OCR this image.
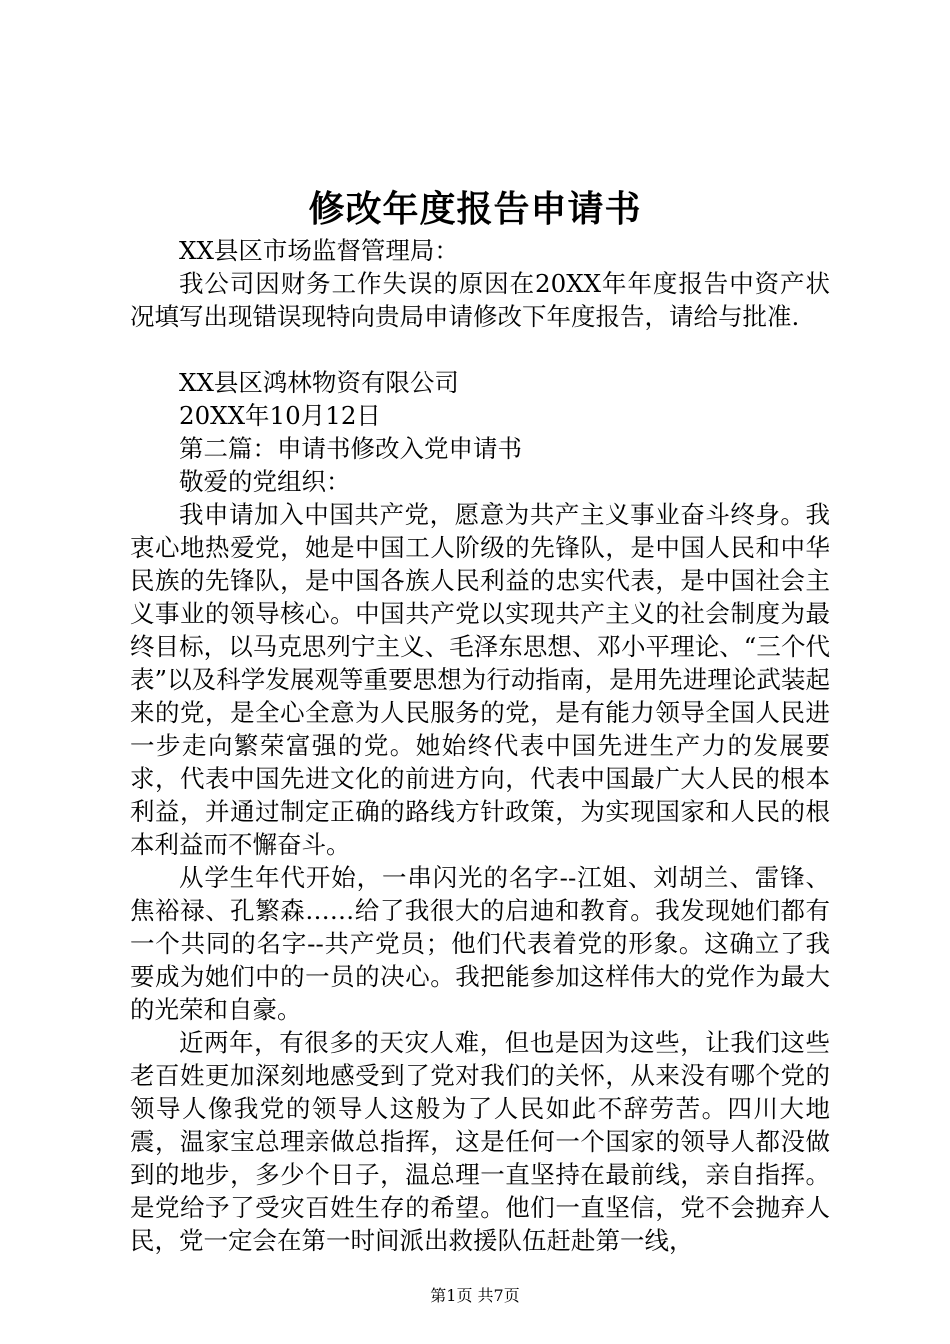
修改年度报告申请书

XX县区市场监督管理局：

我公司因财务工作失误的原因在20XX年年度报告中资产状况填写出现错误现特向贵局申请修改下年度报告，请给与批准.

XX县区鸿林物资有限公司

20XX年10月12日

第二篇：申请书修改入党申请书

敬爱的党组织：

我申请加入中国共产党，愿意为共产主义事业奋斗终身。我衷心地热爱党，她是中国工人阶级的先锋队，是中国人民和中华民族的先锋队，是中国各族人民利益的忠实代表，是中国社会主义事业的领导核心。中国共产党以实现共产主义的社会制度为最终目标，以马克思列宁主义、毛泽东思想、邓小平理论、“三个代表”以及科学发展观等重要思想为行动指南，是用先进理论武装起来的党，是全心全意为人民服务的党，是有能力领导全国人民进一步走向繁荣富强的党。她始终代表中国先进生产力的发展要求，代表中国先进文化的前进方向，代表中国最广大人民的根本利益，并通过制定正确的路线方针政策，为实现国家和人民的根本利益而不懈奋斗。

从学生年代开始，一串闪光的名字--江姐、刘胡兰、雷锋、焦裕禄、孔繁森……给了我很大的启迪和教育。我发现她们都有一个共同的名字--共产党员；他们代表着党的形象。这确立了我要成为她们中的一员的决心。我把能参加这样伟大的党作为最大的光荣和自豪。

近两年，有很多的天灾人难，但也是因为这些，让我们这些老百姓更加深刻地感受到了党对我们的关怀，从来没有哪个党的领导人像我党的领导人这般为了人民如此不辞劳苦。四川大地震，温家宝总理亲做总指挥，这是任何一个国家的领导人都没做到的地步，多少个日子，温总理一直坚持在最前线，亲自指挥。是党给予了受灾百姓生存的希望。他们一直坚信，党不会抛弃人民，党一定会在第一时间派出救援队伍赶赴第一线，

第1页 共7页
